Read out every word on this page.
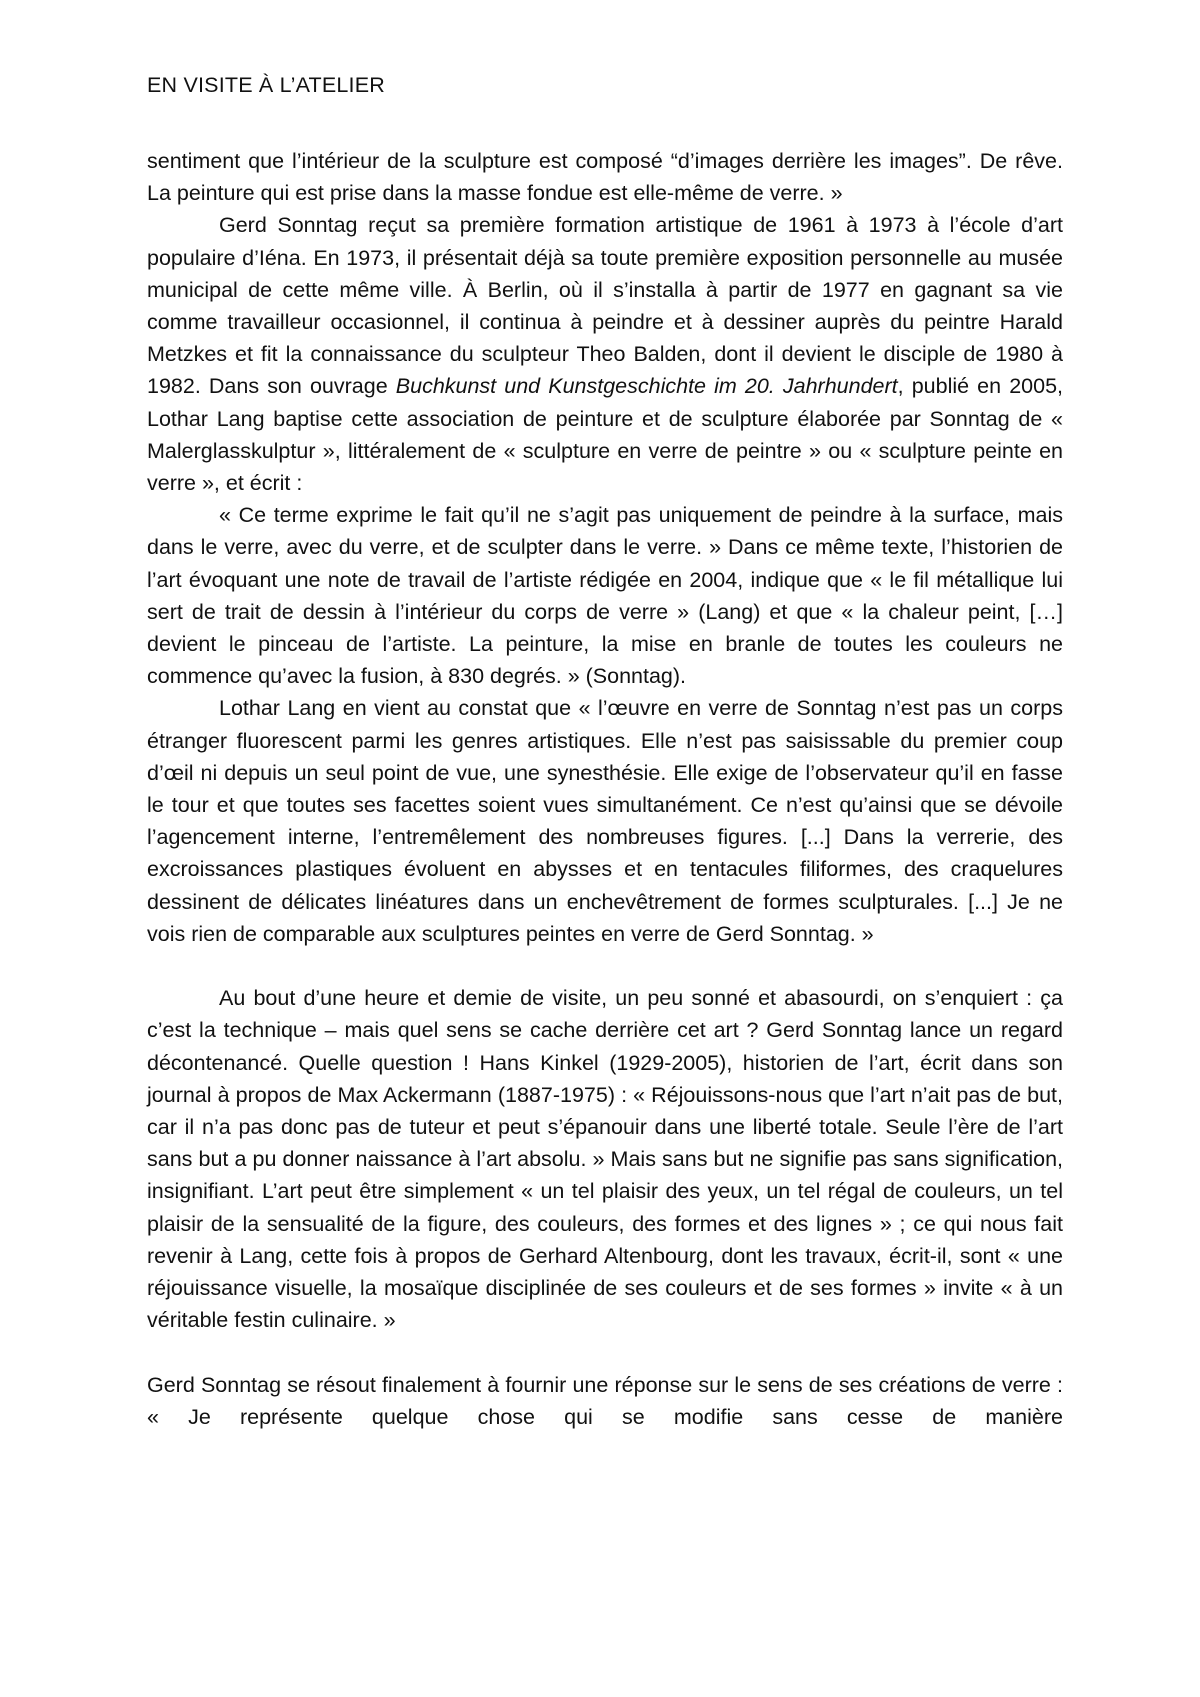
EN VISITE À L’ATELIER

sentiment que l’intérieur de la sculpture est composé “d’images derrière les images”. De rêve. La peinture qui est prise dans la masse fondue est elle-même de verre. »

Gerd Sonntag reçut sa première formation artistique de 1961 à 1973 à l’école d’art populaire d’Iéna. En 1973, il présentait déjà sa toute première exposition personnelle au musée municipal de cette même ville. À Berlin, où il s’installa à partir de 1977 en gagnant sa vie comme travailleur occasionnel, il continua à peindre et à dessiner auprès du peintre Harald Metzkes et fit la connaissance du sculpteur Theo Balden, dont il devient le disciple de 1980 à 1982. Dans son ouvrage Buchkunst und Kunstgeschichte im 20. Jahrhundert, publié en 2005, Lothar Lang baptise cette association de peinture et de sculpture élaborée par Sonntag de « Malerglasskulptur », littéralement de « sculpture en verre de peintre » ou « sculpture peinte en verre », et écrit :

« Ce terme exprime le fait qu’il ne s’agit pas uniquement de peindre à la surface, mais dans le verre, avec du verre, et de sculpter dans le verre. » Dans ce même texte, l’historien de l’art évoquant une note de travail de l’artiste rédigée en 2004, indique que « le fil métallique lui sert de trait de dessin à l’intérieur du corps de verre » (Lang) et que « la chaleur peint, […] devient le pinceau de l’artiste. La peinture, la mise en branle de toutes les couleurs ne commence qu’avec la fusion, à 830 degrés. » (Sonntag).

Lothar Lang en vient au constat que « l’œuvre en verre de Sonntag n’est pas un corps étranger fluorescent parmi les genres artistiques. Elle n’est pas saisissable du premier coup d’œil ni depuis un seul point de vue, une synesthésie. Elle exige de l’observateur qu’il en fasse le tour et que toutes ses facettes soient vues simultanément. Ce n’est qu’ainsi que se dévoile l’agencement interne, l’entremêlement des nombreuses figures. [...] Dans la verrerie, des excroissances plastiques évoluent en abysses et en tentacules filiformes, des craquelures dessinent de délicates linéatures dans un enchevêtrement de formes sculpturales. [...] Je ne vois rien de comparable aux sculptures peintes en verre de Gerd Sonntag. »

Au bout d’une heure et demie de visite, un peu sonné et abasourdi, on s’enquiert : ça c’est la technique – mais quel sens se cache derrière cet art ? Gerd Sonntag lance un regard décontenancé. Quelle question ! Hans Kinkel (1929-2005), historien de l’art, écrit dans son journal à propos de Max Ackermann (1887-1975) : « Réjouissons-nous que l’art n’ait pas de but, car il n’a pas donc pas de tuteur et peut s’épanouir dans une liberté totale. Seule l’ère de l’art sans but a pu donner naissance à l’art absolu. » Mais sans but ne signifie pas sans signification, insignifiant. L’art peut être simplement « un tel plaisir des yeux, un tel régal de couleurs, un tel plaisir de la sensualité de la figure, des couleurs, des formes et des lignes » ; ce qui nous fait revenir à Lang, cette fois à propos de Gerhard Altenbourg, dont les travaux, écrit-il, sont « une réjouissance visuelle, la mosaïque disciplinée de ses couleurs et de ses formes » invite « à un véritable festin culinaire. »

Gerd Sonntag se résout finalement à fournir une réponse sur le sens de ses créations de verre : « Je représente quelque chose qui se modifie sans cesse de manière
